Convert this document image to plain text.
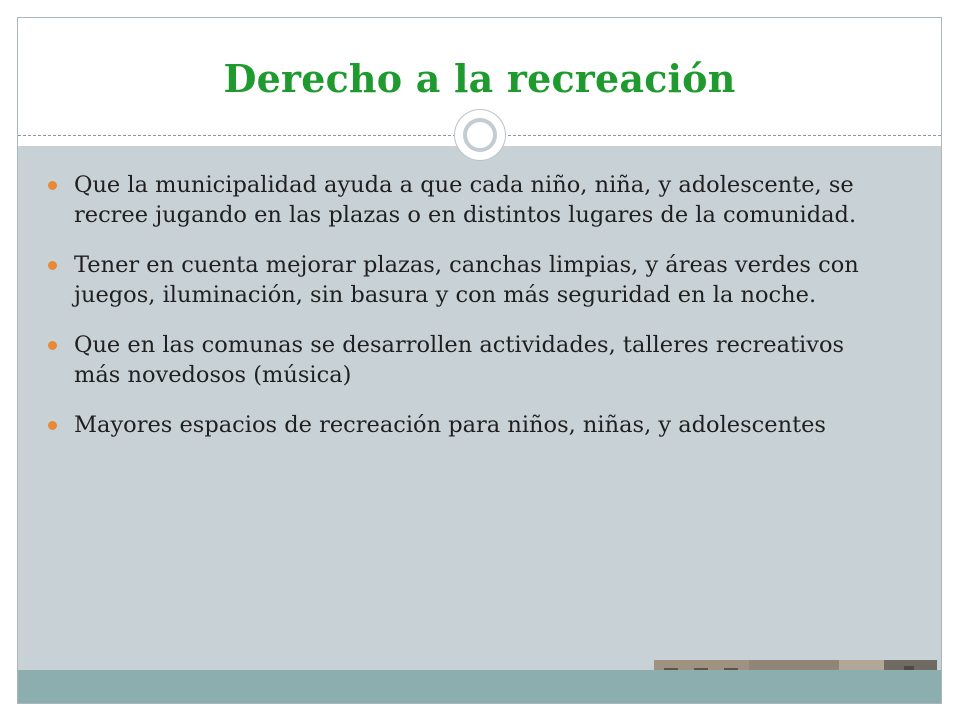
Derecho a la recreación
Que la municipalidad ayuda a que cada niño, niña, y adolescente, se recree jugando en las plazas o en distintos lugares de la comunidad.
Tener en cuenta mejorar plazas, canchas limpias, y áreas verdes con juegos, iluminación, sin basura y con más seguridad en la noche.
Que en las comunas se desarrollen actividades, talleres recreativos más novedosos (música)
Mayores espacios de recreación para niños, niñas, y adolescentes
